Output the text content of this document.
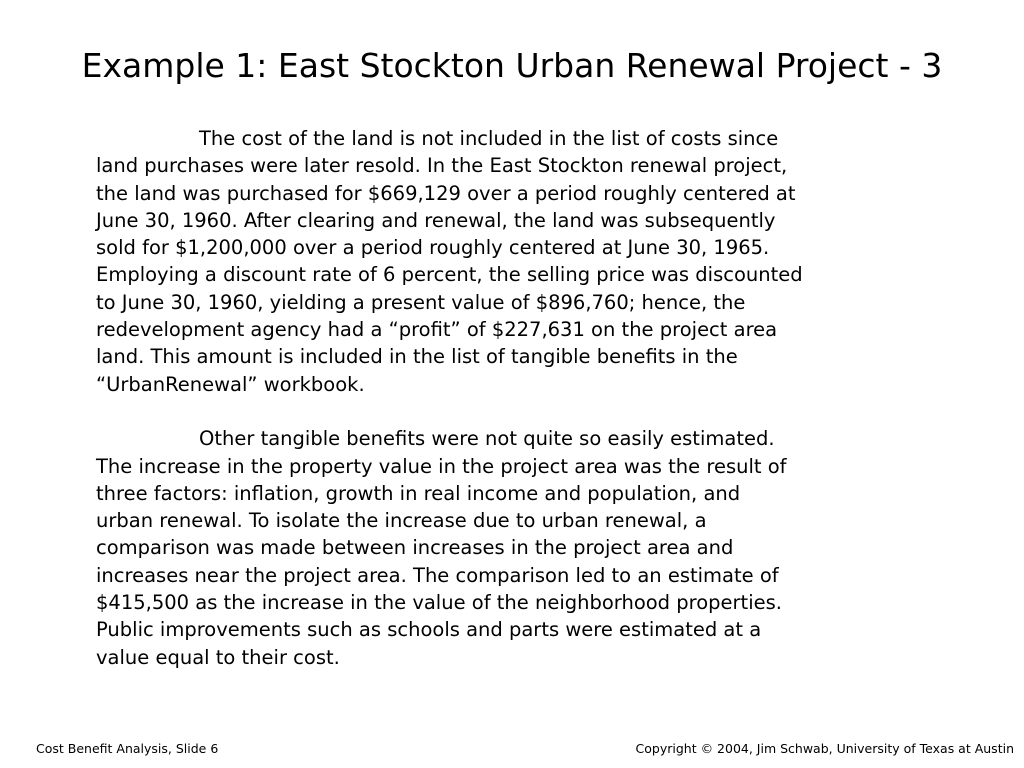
Example 1: East Stockton Urban Renewal Project - 3

The cost of the land is not included in the list of costs since
land purchases were later resold. In the East Stockton renewal project,
the land was purchased for $669,129 over a period roughly centered at
June 30, 1960. After clearing and renewal, the land was subsequently
sold for $1,200,000 over a period roughly centered at June 30, 1965.
Employing a discount rate of 6 percent, the selling price was discounted
to June 30, 1960, yielding a present value of $896,760; hence, the
redevelopment agency had a “profit” of $227,631 on the project area
land. This amount is included in the list of tangible benefits in the
“UrbanRenewal” workbook.

Other tangible benefits were not quite so easily estimated.
The increase in the property value in the project area was the result of
three factors: inflation, growth in real income and population, and
urban renewal. To isolate the increase due to urban renewal, a
comparison was made between increases in the project area and
increases near the project area. The comparison led to an estimate of
$415,500 as the increase in the value of the neighborhood properties.
Public improvements such as schools and parts were estimated at a
value equal to their cost.

Cost Benefit Analysis, Slide 6	Copyright © 2004, Jim Schwab, University of Texas at Austin
